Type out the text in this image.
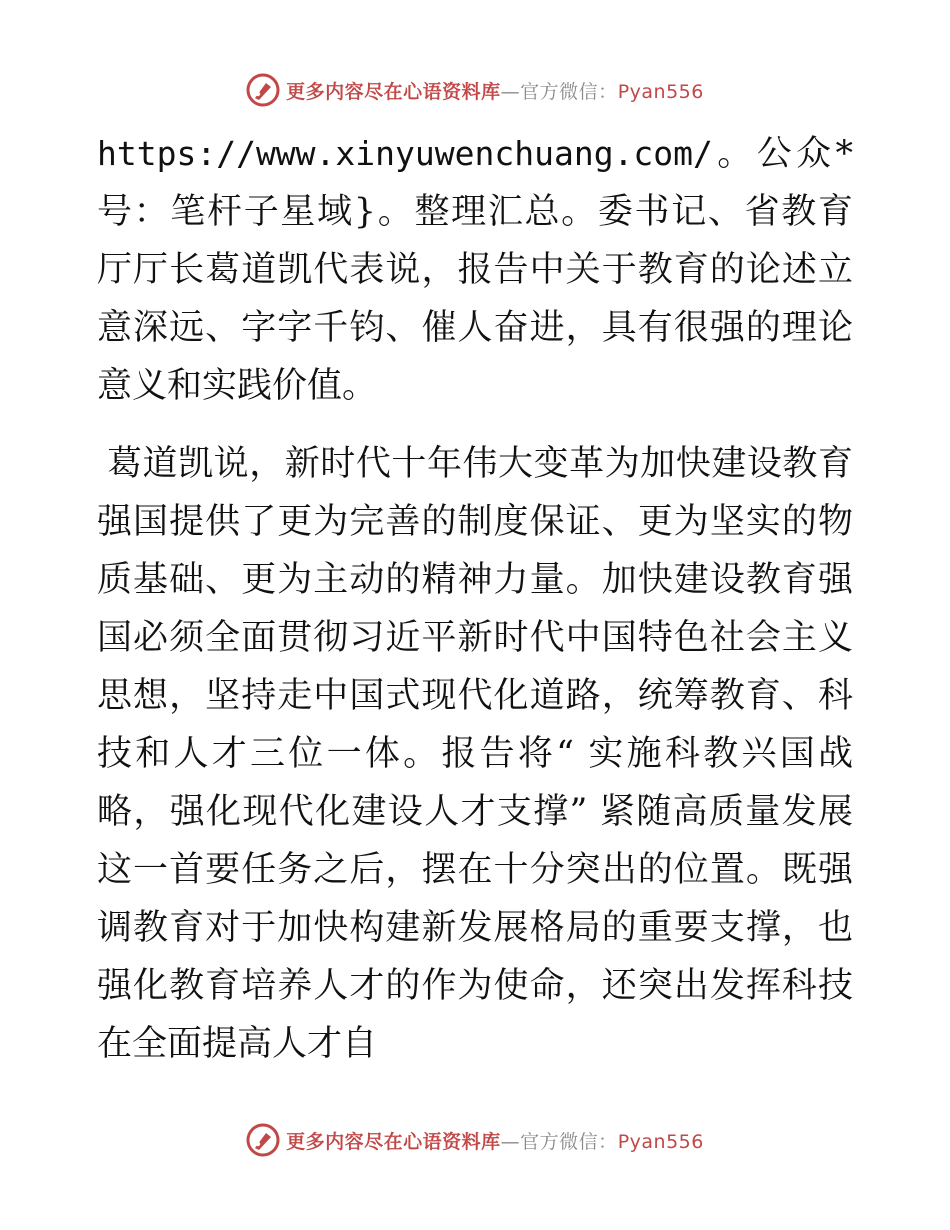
更多内容尽在心语资料库—官方微信：Pyan556

https://www.xinyuwenchuang.com/。公众*号：笔杆子星域}。整理汇总。委书记、省教育厅厅长葛道凯代表说，报告中关于教育的论述立意深远、字字千钧、催人奋进，具有很强的理论意义和实践价值。

葛道凯说，新时代十年伟大变革为加快建设教育强国提供了更为完善的制度保证、更为坚实的物质基础、更为主动的精神力量。加快建设教育强国必须全面贯彻习近平新时代中国特色社会主义思想，坚持走中国式现代化道路，统筹教育、科技和人才三位一体。报告将“ 实施科教兴国战略，强化现代化建设人才支撑” 紧随高质量发展这一首要任务之后，摆在十分突出的位置。既强调教育对于加快构建新发展格局的重要支撑，也强化教育培养人才的作为使命，还突出发挥科技在全面提高人才自

更多内容尽在心语资料库—官方微信：Pyan556
